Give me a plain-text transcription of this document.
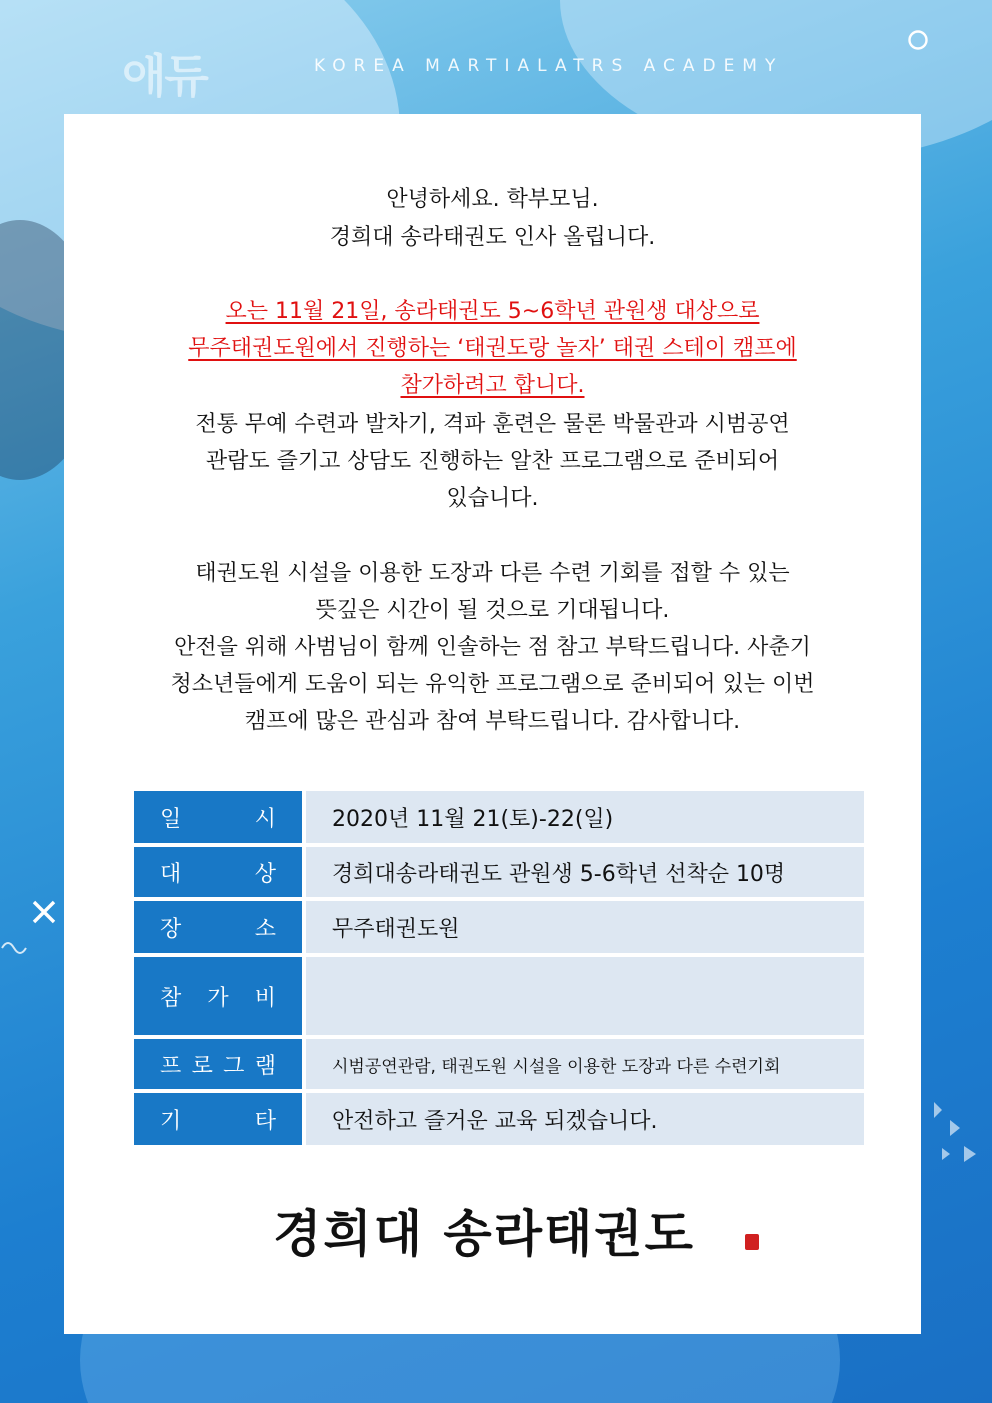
애듀	KOREA MARTIALATRS ACADEMY
안녕하세요. 학부모님.
경희대 송라태권도 인사 올립니다.
오는 11월 21일, 송라태권도 5~6학년 관원생 대상으로
무주태권도원에서 진행하는 ‘태권도랑 놀자’ 태권 스테이 캠프에
참가하려고 합니다.
전통 무예 수련과 발차기, 격파 훈련은 물론 박물관과 시범공연
관람도 즐기고 상담도 진행하는 알찬 프로그램으로 준비되어
있습니다.
태권도원 시설을 이용한 도장과 다른 수련 기회를 접할 수 있는
뜻깊은 시간이 될 것으로 기대됩니다.
안전을 위해 사범님이 함께 인솔하는 점 참고 부탁드립니다. 사춘기
청소년들에게 도움이 되는 유익한 프로그램으로 준비되어 있는 이번
캠프에 많은 관심과 참여 부탁드립니다. 감사합니다.
일	시	2020년 11월 21(토)-22(일)
대	상	경희대송라태권도 관원생 5-6학년 선착순 10명
장	소	무주태권도원
참 가 비
프 로 그 램	시범공연관람, 태권도원 시설을 이용한 도장과 다른 수련기회
기	타	안전하고 즐거운 교육 되겠습니다.
경희대 송라태권도
